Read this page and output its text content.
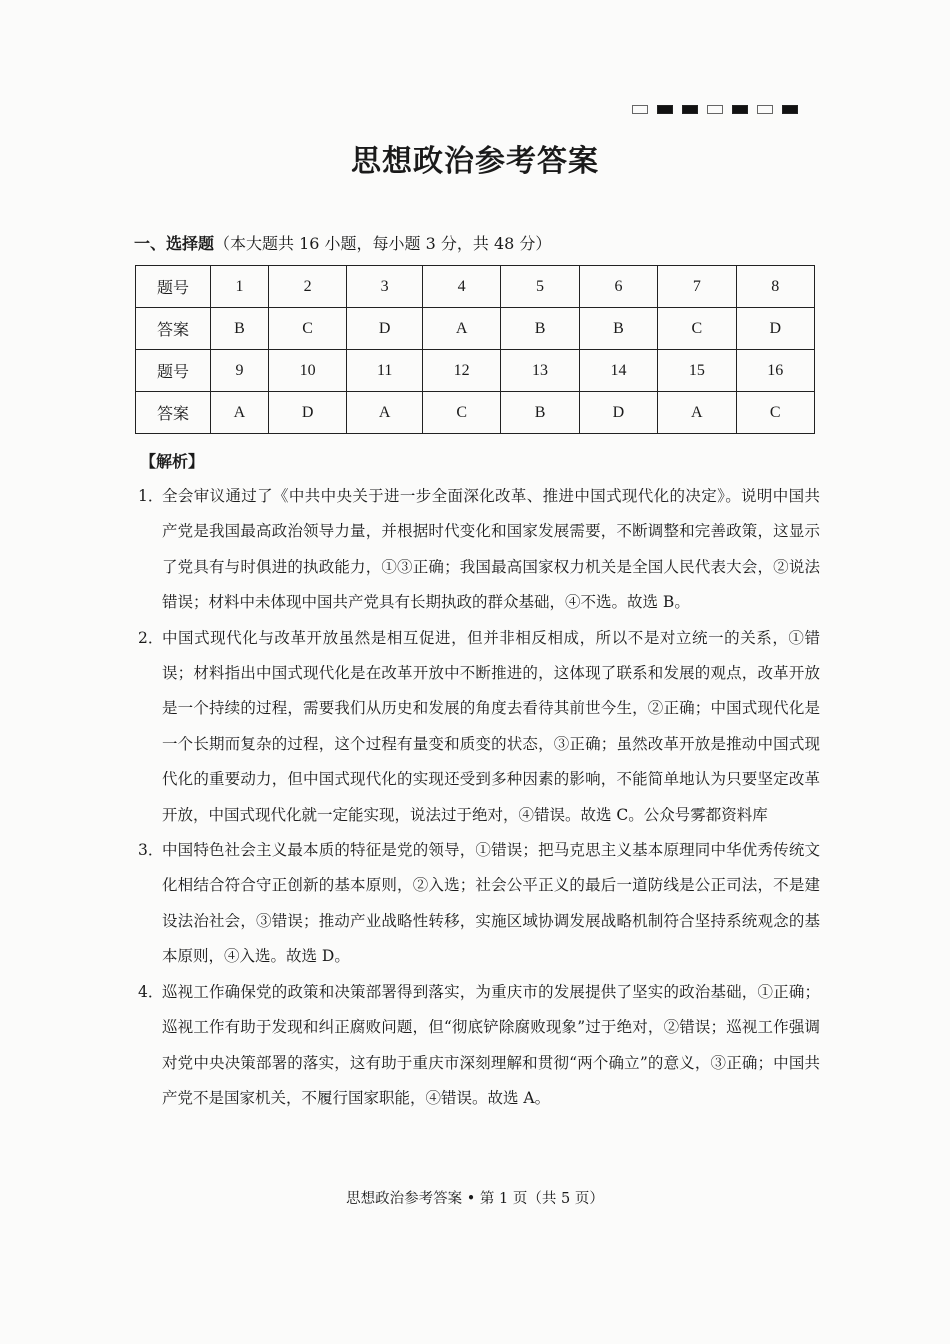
思想政治参考答案
一、选择题（本大题共 16 小题，每小题 3 分，共 48 分）
题号	1	2	3	4	5	6	7	8
答案	B	C	D	A	B	B	C	D
题号	9	10	11	12	13	14	15	16
答案	A	D	A	C	B	D	A	C
【解析】
1．
全会审议通过了《中共中央关于进一步全面深化改革、推进中国式现代化的决定》。说明中国共产党是我国最高政治领导力量，并根据时代变化和国家发展需要，不断调整和完善政策，这显示了党具有与时俱进的执政能力，①③正确；我国最高国家权力机关是全国人民代表大会，②说法错误；材料中未体现中国共产党具有长期执政的群众基础，④不选。故选 B。
2．
中国式现代化与改革开放虽然是相互促进，但并非相反相成，所以不是对立统一的关系，①错误；材料指出中国式现代化是在改革开放中不断推进的，这体现了联系和发展的观点，改革开放是一个持续的过程，需要我们从历史和发展的角度去看待其前世今生，②正确；中国式现代化是一个长期而复杂的过程，这个过程有量变和质变的状态，③正确；虽然改革开放是推动中国式现代化的重要动力，但中国式现代化的实现还受到多种因素的影响，不能简单地认为只要坚定改革开放，中国式现代化就一定能实现，说法过于绝对，④错误。故选 C。公众号雾都资料库
3．
中国特色社会主义最本质的特征是党的领导，①错误；把马克思主义基本原理同中华优秀传统文化相结合符合守正创新的基本原则，②入选；社会公平正义的最后一道防线是公正司法，不是建设法治社会，③错误；推动产业战略性转移，实施区域协调发展战略机制符合坚持系统观念的基本原则，④入选。故选 D。
4．
巡视工作确保党的政策和决策部署得到落实，为重庆市的发展提供了坚实的政治基础，①正确；巡视工作有助于发现和纠正腐败问题，但“彻底铲除腐败现象”过于绝对，②错误；巡视工作强调对党中央决策部署的落实，这有助于重庆市深刻理解和贯彻“两个确立”的意义，③正确；中国共产党不是国家机关，不履行国家职能，④错误。故选 A。
思想政治参考答案 • 第 1 页（共 5 页）
